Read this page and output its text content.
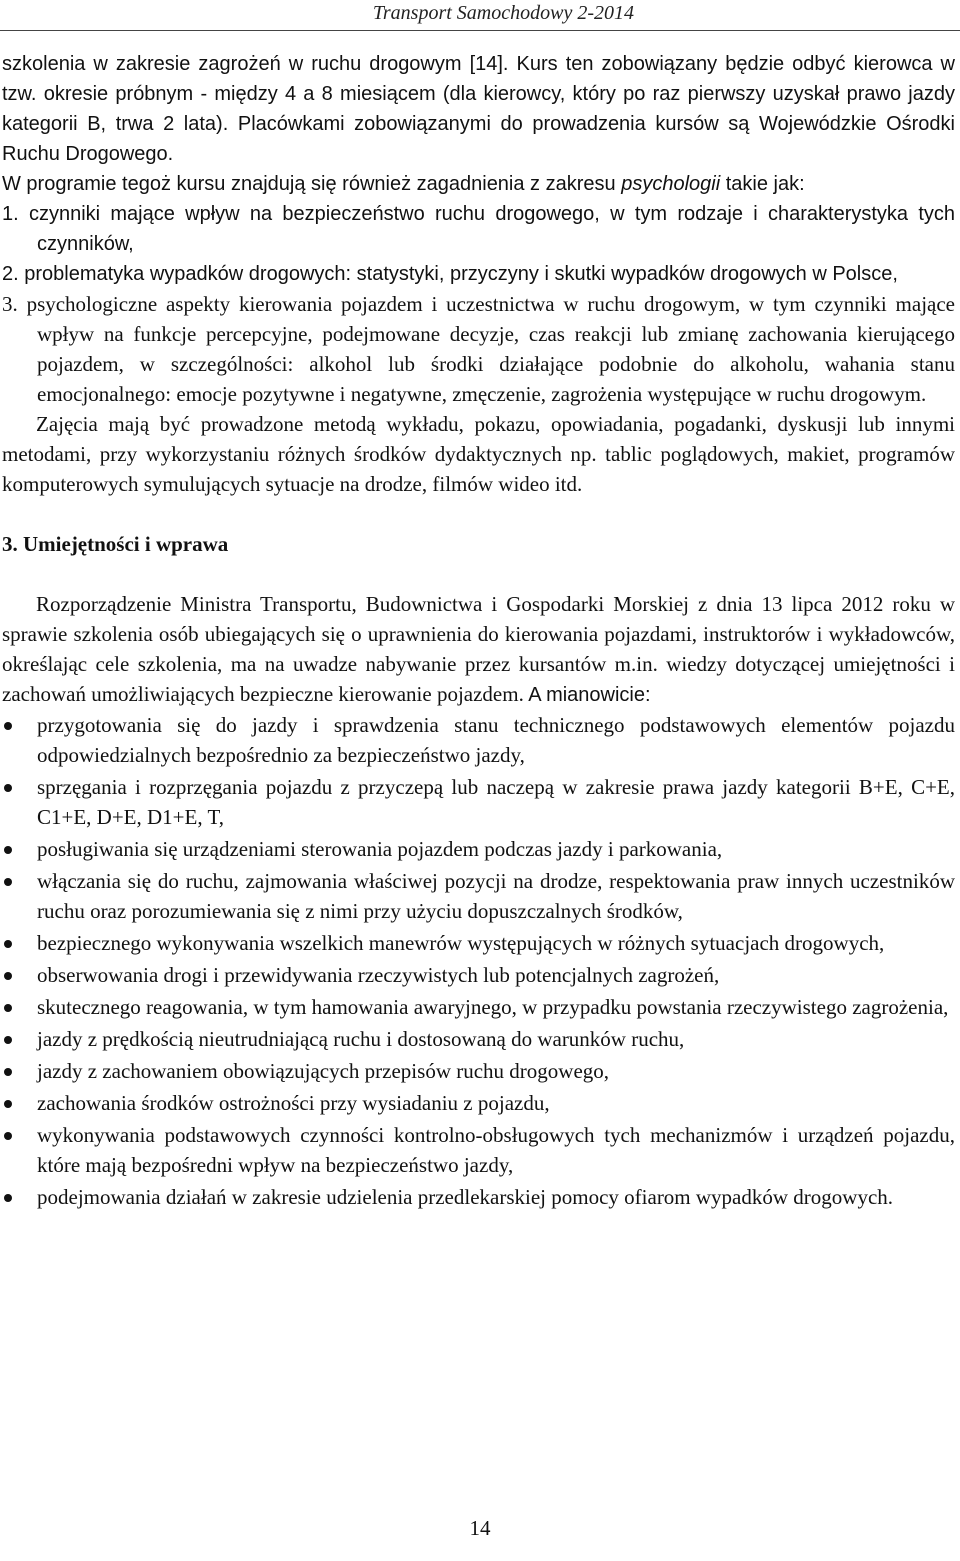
Transport Samochodowy 2-2014

szkolenia w zakresie zagrożeń w ruchu drogowym [14]. Kurs ten zobowiązany będzie odbyć kierowca w tzw. okresie próbnym - między 4 a 8 miesiącem (dla kierowcy, który po raz pierwszy uzyskał prawo jazdy kategorii B, trwa 2 lata). Placówkami zobowiązanymi do prowadzenia kursów są Wojewódzkie Ośrodki Ruchu Drogowego.

W programie tegoż kursu znajdują się również zagadnienia z zakresu psychologii takie jak:

1. czynniki mające wpływ na bezpieczeństwo ruchu drogowego, w tym rodzaje i charakterystyka tych czynników,

2. problematyka wypadków drogowych: statystyki, przyczyny i skutki wypadków drogowych w Polsce,

3. psychologiczne aspekty kierowania pojazdem i uczestnictwa w ruchu drogowym, w tym czynniki mające wpływ na funkcje percepcyjne, podejmowane decyzje, czas reakcji lub zmianę zachowania kierującego pojazdem, w szczególności: alkohol lub środki działające podobnie do alkoholu, wahania stanu emocjonalnego: emocje pozytywne i negatywne, zmęczenie, zagrożenia występujące w ruchu drogowym.

Zajęcia mają być prowadzone metodą wykładu, pokazu, opowiadania, pogadanki, dyskusji lub innymi metodami, przy wykorzystaniu różnych środków dydaktycznych np. tablic poglądowych, makiet, programów komputerowych symulujących sytuacje na drodze, filmów wideo itd.

3. Umiejętności i wprawa

Rozporządzenie Ministra Transportu, Budownictwa i Gospodarki Morskiej z dnia 13 lipca 2012 roku w sprawie szkolenia osób ubiegających się o uprawnienia do kierowania pojazdami, instruktorów i wykładowców, określając cele szkolenia, ma na uwadze nabywanie przez kursantów m.in. wiedzy dotyczącej umiejętności i zachowań umożliwiających bezpieczne kierowanie pojazdem. A mianowicie:

przygotowania się do jazdy i sprawdzenia stanu technicznego podstawowych elementów pojazdu odpowiedzialnych bezpośrednio za bezpieczeństwo jazdy,
sprzęgania i rozprzęgania pojazdu z przyczepą lub naczepą w zakresie prawa jazdy kategorii B+E, C+E, C1+E, D+E, D1+E, T,
posługiwania się urządzeniami sterowania pojazdem podczas jazdy i parkowania,
włączania się do ruchu, zajmowania właściwej pozycji na drodze, respektowania praw innych uczestników ruchu oraz porozumiewania się z nimi przy użyciu dopuszczalnych środków,
bezpiecznego wykonywania wszelkich manewrów występujących w różnych sytuacjach drogowych,
obserwowania drogi i przewidywania rzeczywistych lub potencjalnych zagrożeń,
skutecznego reagowania, w tym hamowania awaryjnego, w przypadku powstania rzeczywistego zagrożenia,
jazdy z prędkością nieutrudniającą ruchu i dostosowaną do warunków ruchu,
jazdy z zachowaniem obowiązujących przepisów ruchu drogowego,
zachowania środków ostrożności przy wysiadaniu z pojazdu,
wykonywania podstawowych czynności kontrolno-obsługowych tych mechanizmów i urządzeń pojazdu, które mają bezpośredni wpływ na bezpieczeństwo jazdy,
podejmowania działań w zakresie udzielenia przedlekarskiej pomocy ofiarom wypadków drogowych.
14
